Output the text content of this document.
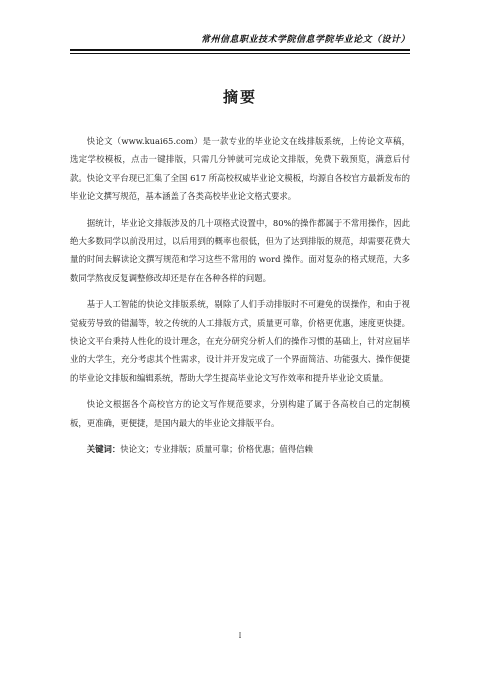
常州信息职业技术学院信息学院毕业论文（设计）
摘要

快论文（www.kuai65.com）是一款专业的毕业论文在线排版系统，上传论文草稿，选定学校模板，点击一键排版，只需几分钟就可完成论文排版，免费下载预览，满意后付款。快论文平台现已汇集了全国 617 所高校权威毕业论文模板，均源自各校官方最新发布的毕业论文撰写规范，基本涵盖了各类高校毕业论文格式要求。

据统计，毕业论文排版涉及的几十项格式设置中，80%的操作都属于不常用操作，因此绝大多数同学以前没用过，以后用到的概率也很低，但为了达到排版的规范，却需要花费大量的时间去解读论文撰写规范和学习这些不常用的 word 操作。面对复杂的格式规范，大多数同学熬夜反复调整修改却还是存在各种各样的问题。

基于人工智能的快论文排版系统，剔除了人们手动排版时不可避免的误操作，和由于视觉疲劳导致的错漏等，较之传统的人工排版方式，质量更可靠，价格更优惠，速度更快捷。快论文平台秉持人性化的设计理念，在充分研究分析人们的操作习惯的基础上，针对应届毕业的大学生，充分考虑其个性需求，设计并开发完成了一个界面简洁、功能强大、操作便捷的毕业论文排版和编辑系统，帮助大学生提高毕业论文写作效率和提升毕业论文质量。

快论文根据各个高校官方的论文写作规范要求，分别构建了属于各高校自己的定制模板，更准确，更便捷，是国内最大的毕业论文排版平台。

关键词：快论文；专业排版；质量可靠；价格优惠；值得信赖
I
